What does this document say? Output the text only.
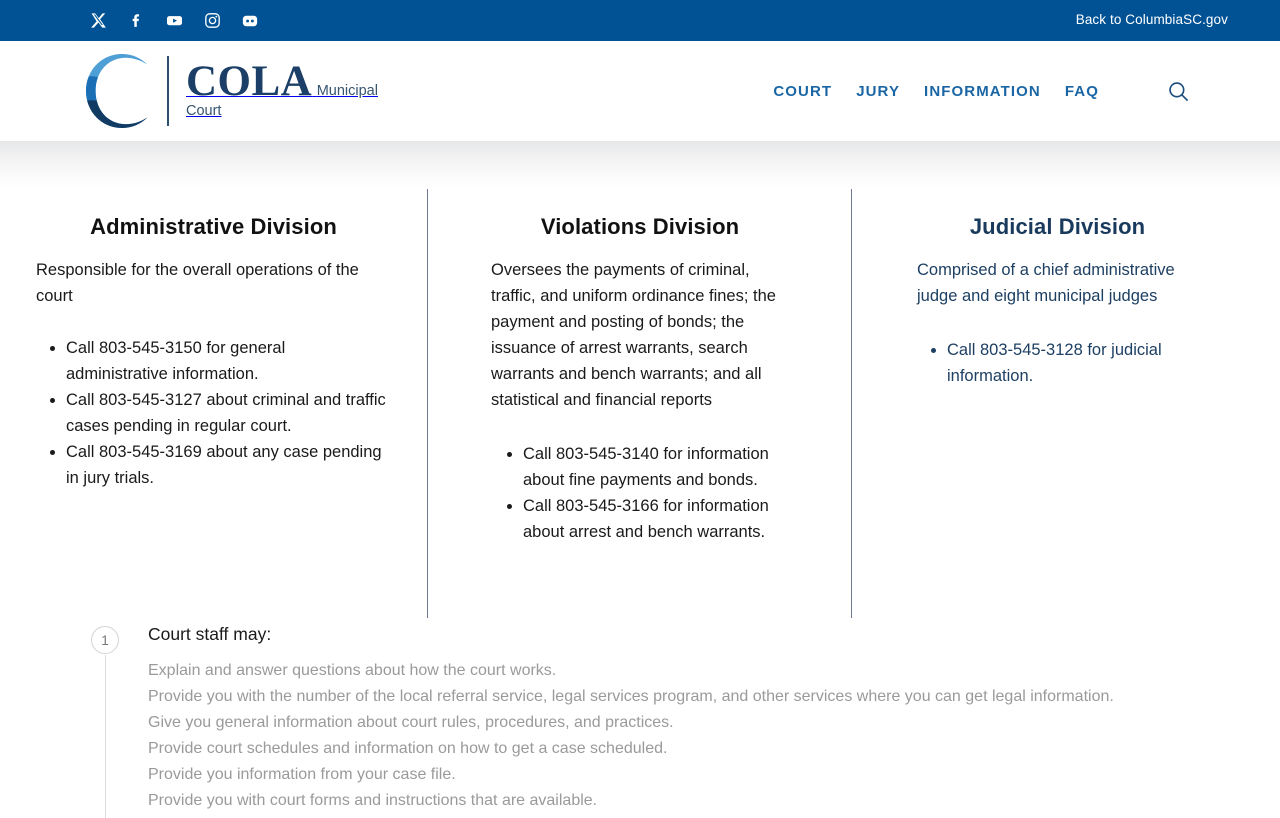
Back to ColumbiaSC.gov
COLA Municipal
Court
COURT	JURY	INFORMATION	FAQ
Administrative Division

Responsible for the overall operations of the court

• Call 803-545-3150 for general administrative information.
• Call 803-545-3127 about criminal and traffic cases pending in regular court.
• Call 803-545-3169 about any case pending in jury trials.
Violations Division

Oversees the payments of criminal, traffic, and uniform ordinance fines; the payment and posting of bonds; the issuance of arrest warrants, search warrants and bench warrants; and all statistical and financial reports

• Call 803-545-3140 for information about fine payments and bonds.
• Call 803-545-3166 for information about arrest and bench warrants.
Judicial Division

Comprised of a chief administrative judge and eight municipal judges

• Call 803-545-3128 for judicial information.
1	Court staff may:

Explain and answer questions about how the court works.

Provide you with the number of the local referral service, legal services program, and other services where you can get legal information.

Give you general information about court rules, procedures, and practices.

Provide court schedules and information on how to get a case scheduled.

Provide you information from your case file.

Provide you with court forms and instructions that are available.
